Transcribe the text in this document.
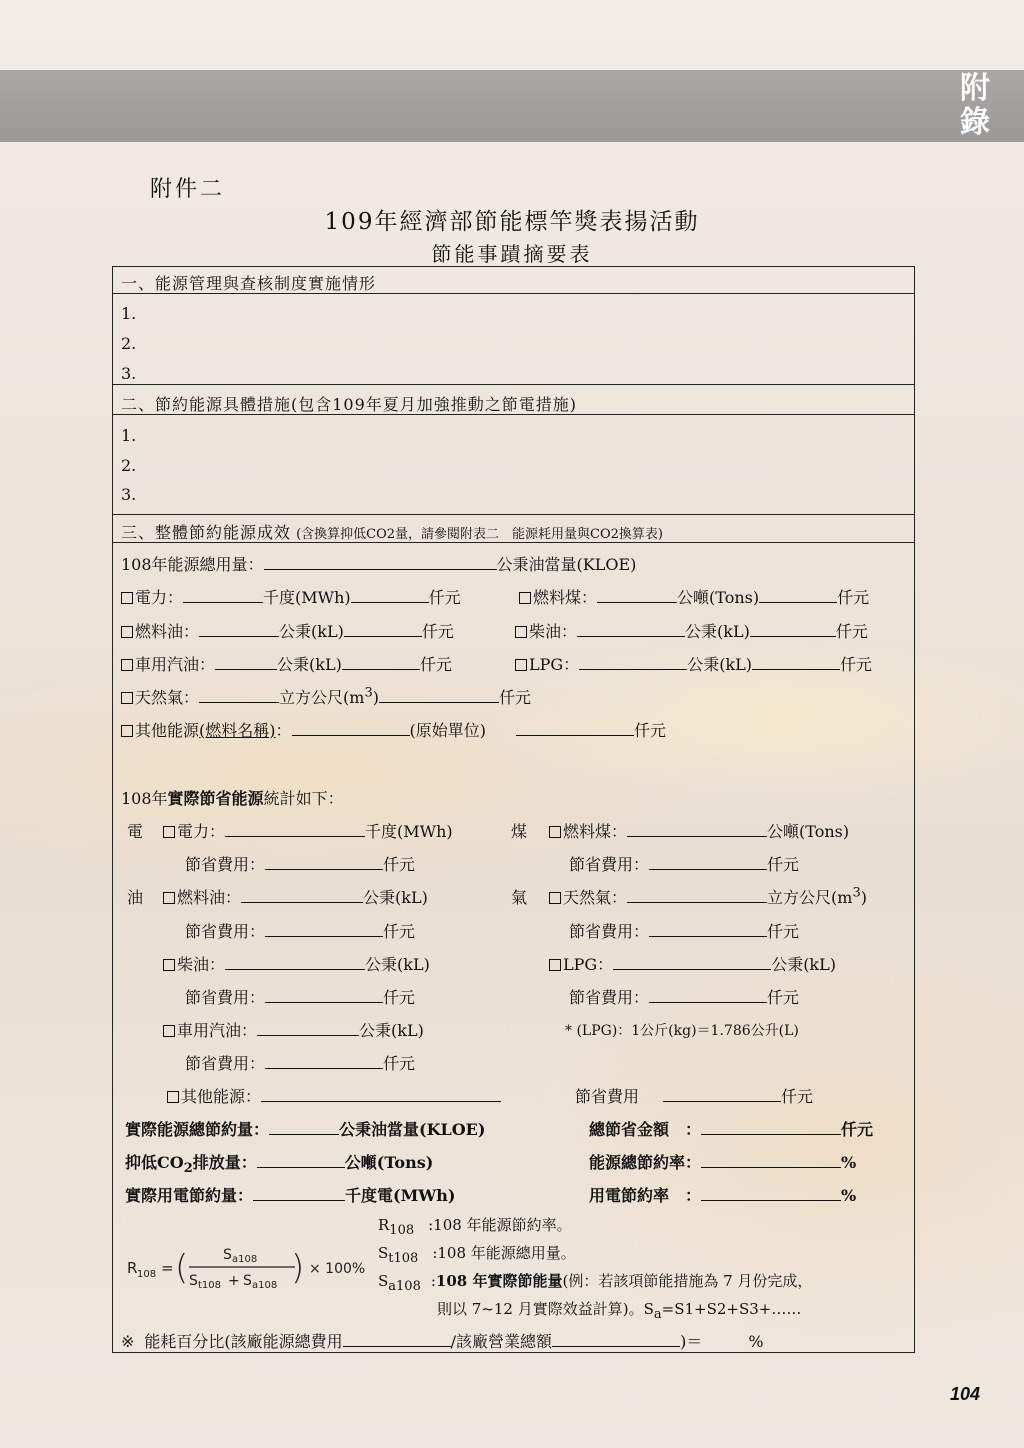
附
錄
附件二
109年經濟部節能標竿獎表揚活動
節能事蹟摘要表
一、能源管理與查核制度實施情形
1.
2.
3.
二、節約能源具體措施(包含109年夏月加強推動之節電措施)
1.
2.
3.
三、整體節約能源成效 (含換算抑低CO2量，請參閱附表二　能源耗用量與CO2換算表)
108年能源總用量：	公秉油當量(KLOE)
電力：	千度(MWh)	仟元	燃料煤：	公噸(Tons)	仟元
燃料油：	公秉(kL)	仟元	柴油：	公秉(kL)	仟元
車用汽油：	公秉(kL)	仟元	LPG：	公秉(kL)	仟元
天然氣：	立方公尺$(m^3)$	仟元
其他能源(燃料名稱)：	(原始單位)	仟元
108年實際節省能源統計如下：
電	電力：	千度(MWh)	煤	燃料煤：	公噸(Tons)
節省費用：	仟元	節省費用：	仟元
油	燃料油：	公秉(kL)	氣	天然氣：	立方公尺$(m^3)$
節省費用：	仟元	節省費用：	仟元
柴油：	公秉(kL)	LPG：	公秉(kL)
節省費用：	仟元	節省費用：	仟元
車用汽油：	公秉(kL)	* (LPG)：1公斤(kg)＝1.786公升(L)
節省費用：	仟元
其他能源：	節省費用	仟元
實際能源總節約量：	公秉油當量(KLOE)	總節省金額　：	仟元
抑低$CO_2$排放量：	公噸(Tons)	能源總節約率：	%
實際用電節約量：	千度電(MWh)	用電節約率　：	%
R 108 = ( S a108
S t108 + S a108 ) × 100%
$R_{108}$ :108 年能源節約率。
$S_{t108}$ :108 年能源總用量。
$S_{a108}$ :108 年實際節能量(例：若該項節能措施為 7 月份完成，
則以 7~12 月實際效益計算)。$S_a=S1+S2+S3+\dots\dots$
※ 能耗百分比(該廠能源總費用	/該廠營業總額	)＝	%
104
